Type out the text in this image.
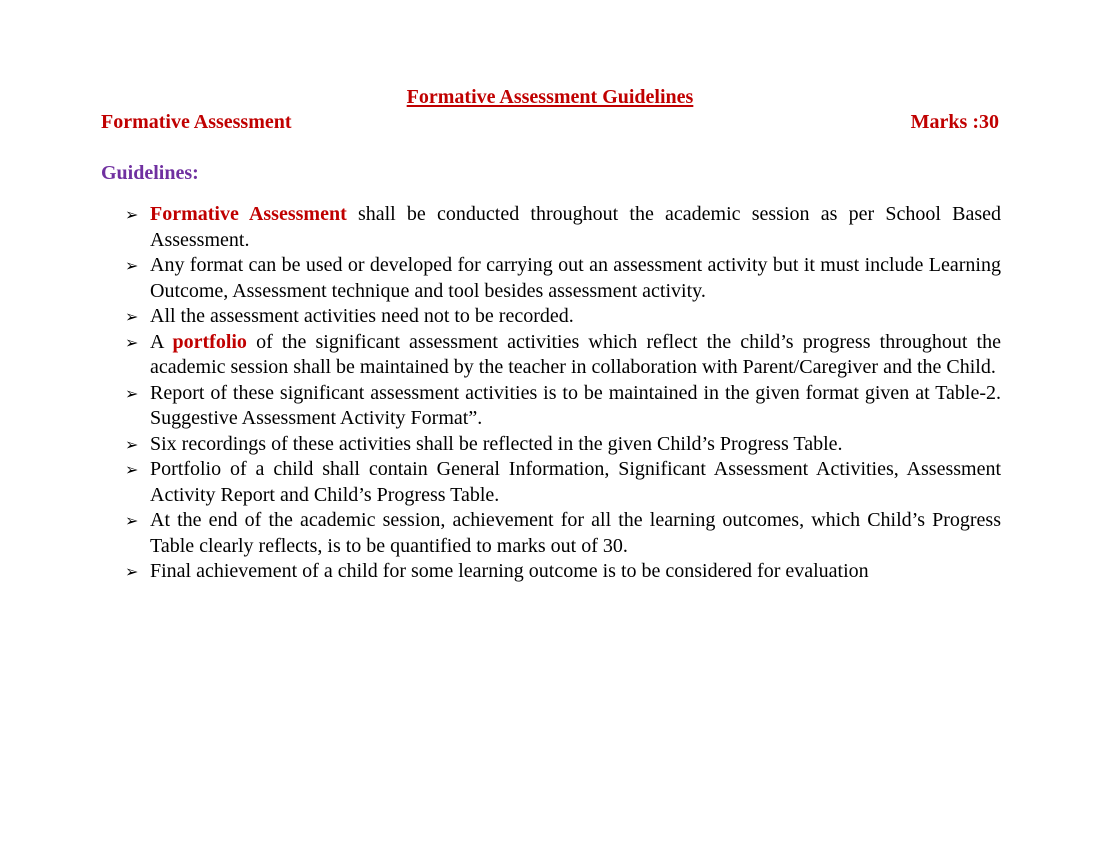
Formative Assessment Guidelines
Formative Assessment	Marks :30
Guidelines:
➢ Formative Assessment shall be conducted throughout the academic session as per School Based Assessment.
➢ Any format can be used or developed for carrying out an assessment activity but it must include Learning Outcome, Assessment technique and tool besides assessment activity.
➢ All the assessment activities need not to be recorded.
➢ A portfolio of the significant assessment activities which reflect the child’s progress throughout the academic session shall be maintained by the teacher in collaboration with Parent/Caregiver and the Child.
➢ Report of these significant assessment activities is to be maintained in the given format given at Table-2. Suggestive Assessment Activity Format”.
➢ Six recordings of these activities shall be reflected in the given Child’s Progress Table.
➢ Portfolio of a child shall contain General Information, Significant Assessment Activities, Assessment Activity Report and Child’s Progress Table.
➢ At the end of the academic session, achievement for all the learning outcomes, which Child’s Progress Table clearly reflects, is to be quantified to marks out of 30.
➢ Final achievement of a child for some learning outcome is to be considered for evaluation
